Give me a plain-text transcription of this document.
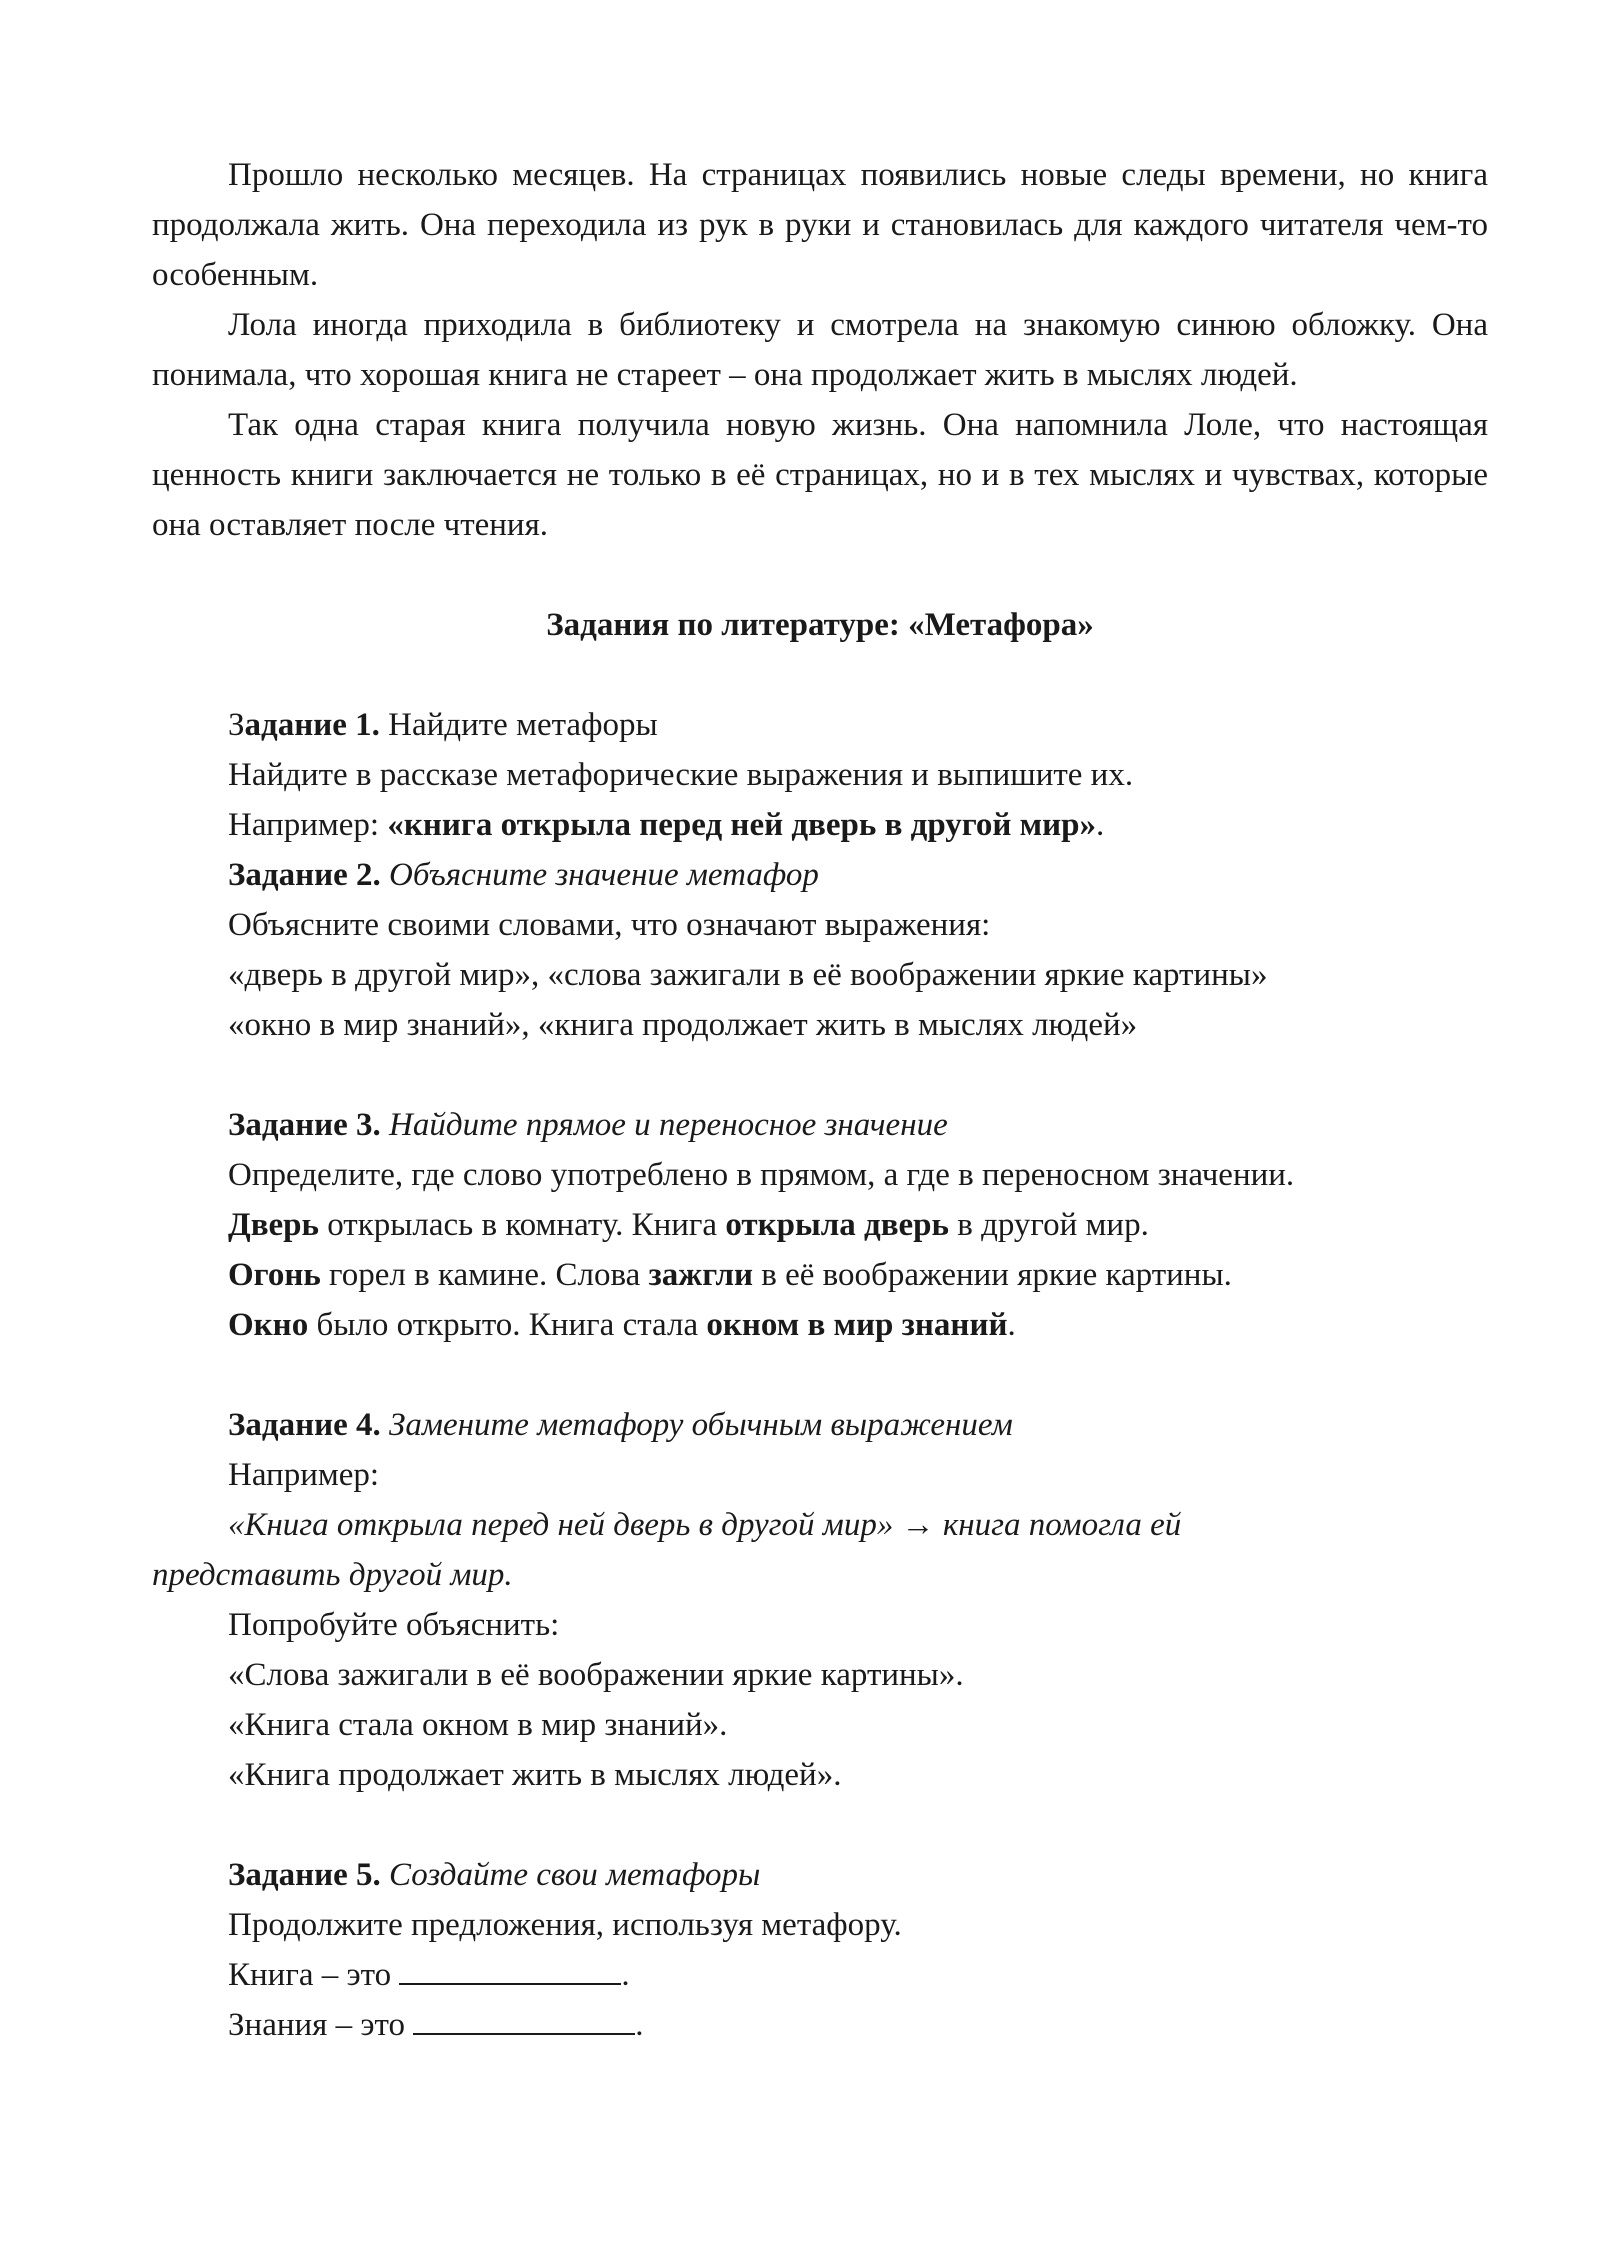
Прошло несколько месяцев. На страницах появились новые следы времени, но книга продолжала жить. Она переходила из рук в руки и становилась для каждого читателя чем-то особенным.

Лола иногда приходила в библиотеку и смотрела на знакомую синюю обложку. Она понимала, что хорошая книга не стареет – она продолжает жить в мыслях людей.

Так одна старая книга получила новую жизнь. Она напомнила Лоле, что настоящая ценность книги заключается не только в её страницах, но и в тех мыслях и чувствах, которые она оставляет после чтения.

Задания по литературе: «Метафора»
Задание 1. Найдите метафоры
Найдите в рассказе метафорические выражения и выпишите их.
Например: «книга открыла перед ней дверь в другой мир».
Задание 2. Объясните значение метафор
Объясните своими словами, что означают выражения:
«дверь в другой мир», «слова зажигали в её воображении яркие картины»
«окно в мир знаний», «книга продолжает жить в мыслях людей»
Задание 3. Найдите прямое и переносное значение
Определите, где слово употреблено в прямом, а где в переносном значении.
Дверь открылась в комнату. Книга открыла дверь в другой мир.
Огонь горел в камине. Слова зажгли в её воображении яркие картины.
Окно было открыто. Книга стала окном в мир знаний.
Задание 4. Замените метафору обычным выражением
Например:
«Книга открыла перед ней дверь в другой мир» → книга помогла ей
представить другой мир.
Попробуйте объяснить:
«Слова зажигали в её воображении яркие картины».
«Книга стала окном в мир знаний».
«Книга продолжает жить в мыслях людей».
Задание 5. Создайте свои метафоры
Продолжите предложения, используя метафору.
Книга – это	.
Знания – это	.
